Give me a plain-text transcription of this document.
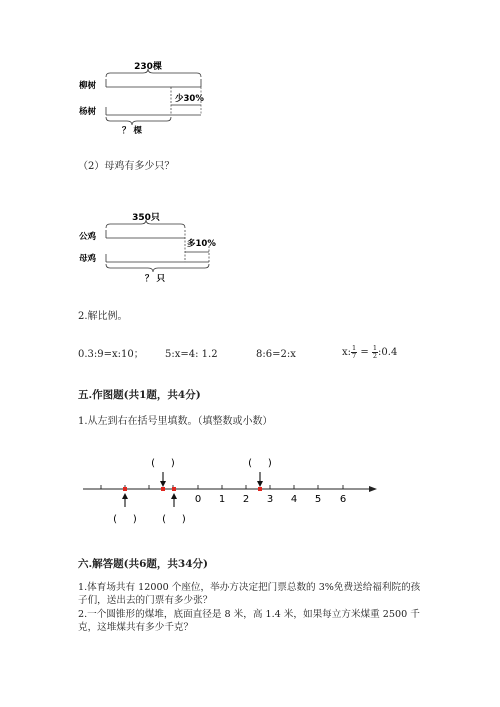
230棵
柳树
少30%
杨树
？ 棵
（2）母鸡有多少只？
350只
公鸡
多10%
母鸡
？ 只
2.解比例。
0.3:9=x:10； 5:x=4: 1.2	8:6=2:x	x: $\frac{1}{7} = \frac{1}{2}$ :0.4
五.作图题(共1题，共4分)
1.从左到右在括号里填数。（填整数或小数）
0 1 2 3 4 5 6
(     )	(     )
(     )	(     )
六.解答题(共6题，共34分)
1.体育场共有 12000 个座位，举办方决定把门票总数的 3%免费送给福利院的孩
子们，送出去的门票有多少张？
2.一个圆锥形的煤堆，底面直径是 8 米，高 1.4 米，如果每立方米煤重 2500 千
克，这堆煤共有多少千克？
